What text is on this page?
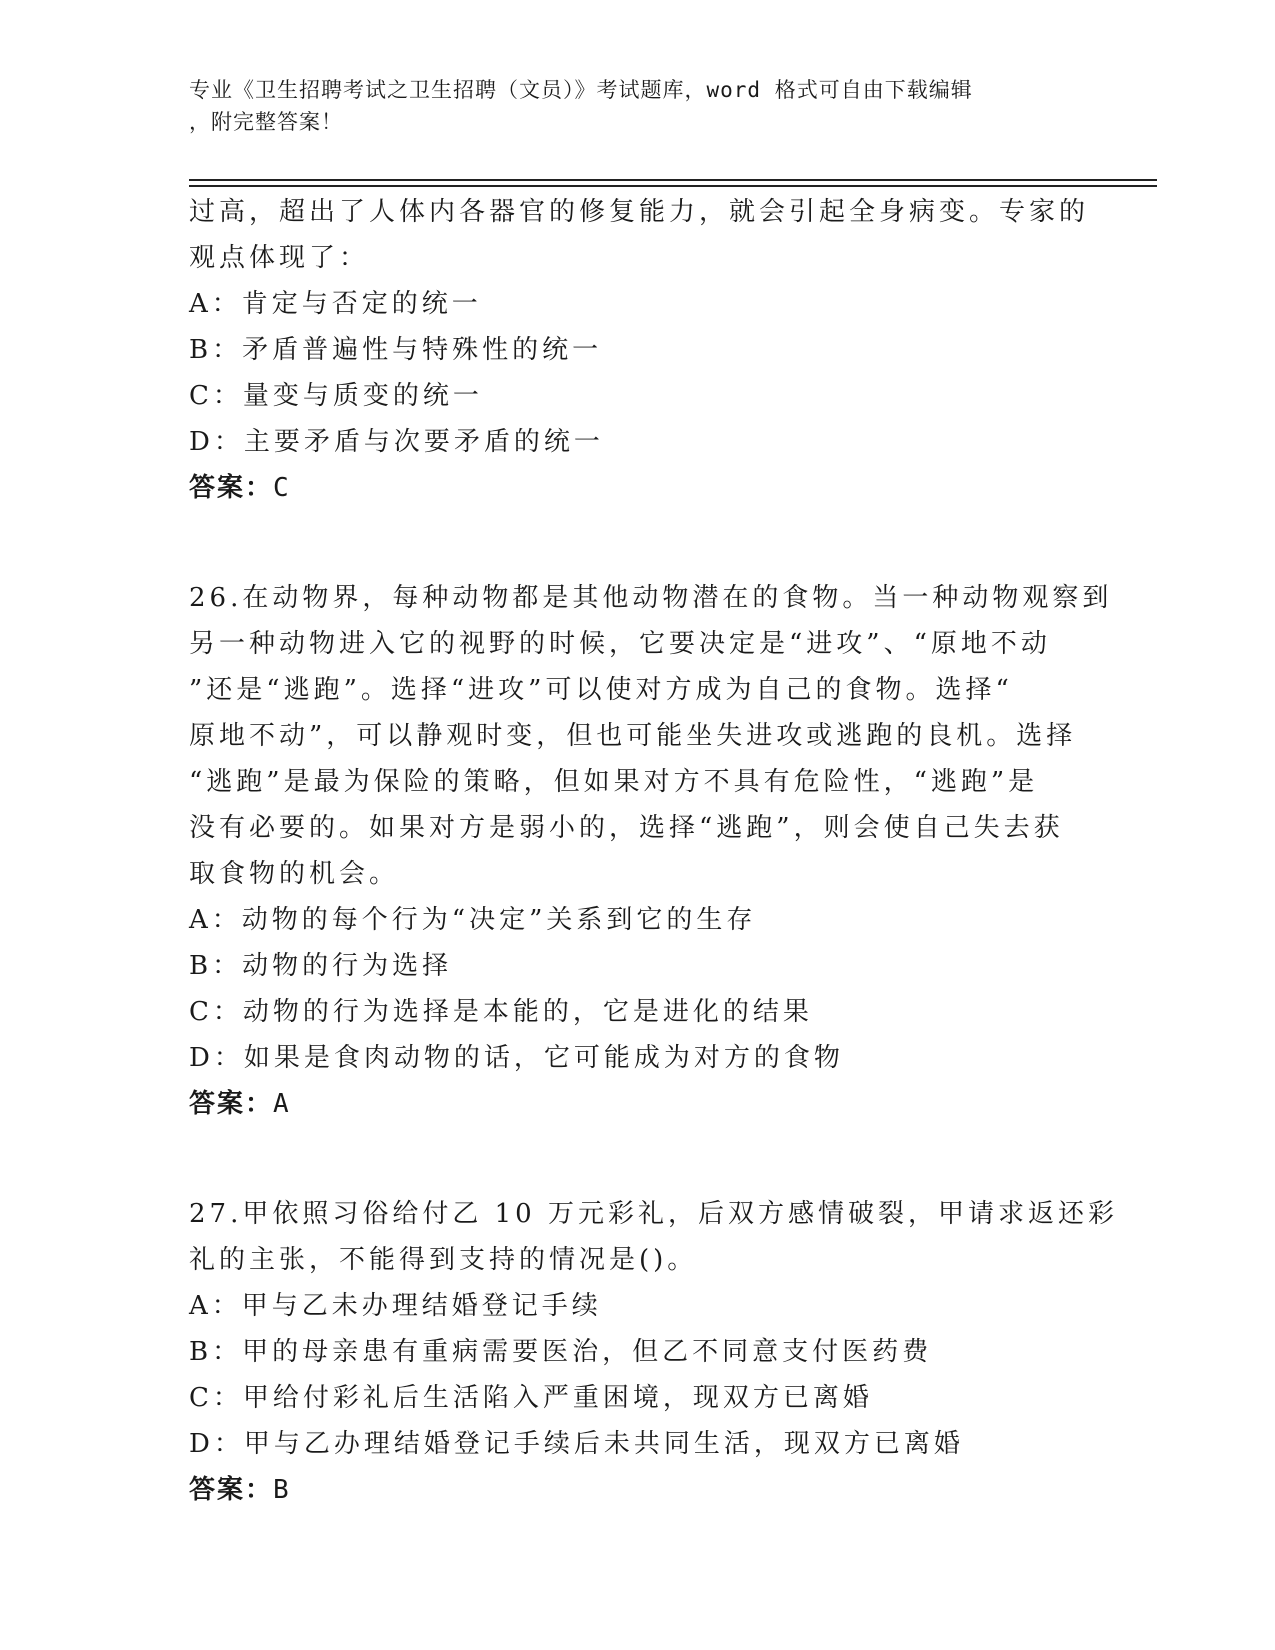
专业《卫生招聘考试之卫生招聘（文员）》考试题库，word 格式可自由下载编辑
，附完整答案！
过高，超出了人体内各器官的修复能力，就会引起全身病变。专家的
观点体现了：
A：肯定与否定的统一
B：矛盾普遍性与特殊性的统一
C：量变与质变的统一
D：主要矛盾与次要矛盾的统一
答案：C
26.在动物界，每种动物都是其他动物潜在的食物。当一种动物观察到
另一种动物进入它的视野的时候，它要决定是“进攻”、“原地不动
”还是“逃跑”。选择“进攻”可以使对方成为自己的食物。选择“
原地不动”，可以静观时变，但也可能坐失进攻或逃跑的良机。选择
“逃跑”是最为保险的策略，但如果对方不具有危险性，“逃跑”是
没有必要的。如果对方是弱小的，选择“逃跑”，则会使自己失去获
取食物的机会。
A：动物的每个行为“决定”关系到它的生存
B：动物的行为选择
C：动物的行为选择是本能的，它是进化的结果
D：如果是食肉动物的话，它可能成为对方的食物
答案：A
27.甲依照习俗给付乙 10 万元彩礼，后双方感情破裂，甲请求返还彩
礼的主张，不能得到支持的情况是()。
A：甲与乙未办理结婚登记手续
B：甲的母亲患有重病需要医治，但乙不同意支付医药费
C：甲给付彩礼后生活陷入严重困境，现双方已离婚
D：甲与乙办理结婚登记手续后未共同生活，现双方已离婚
答案：B
